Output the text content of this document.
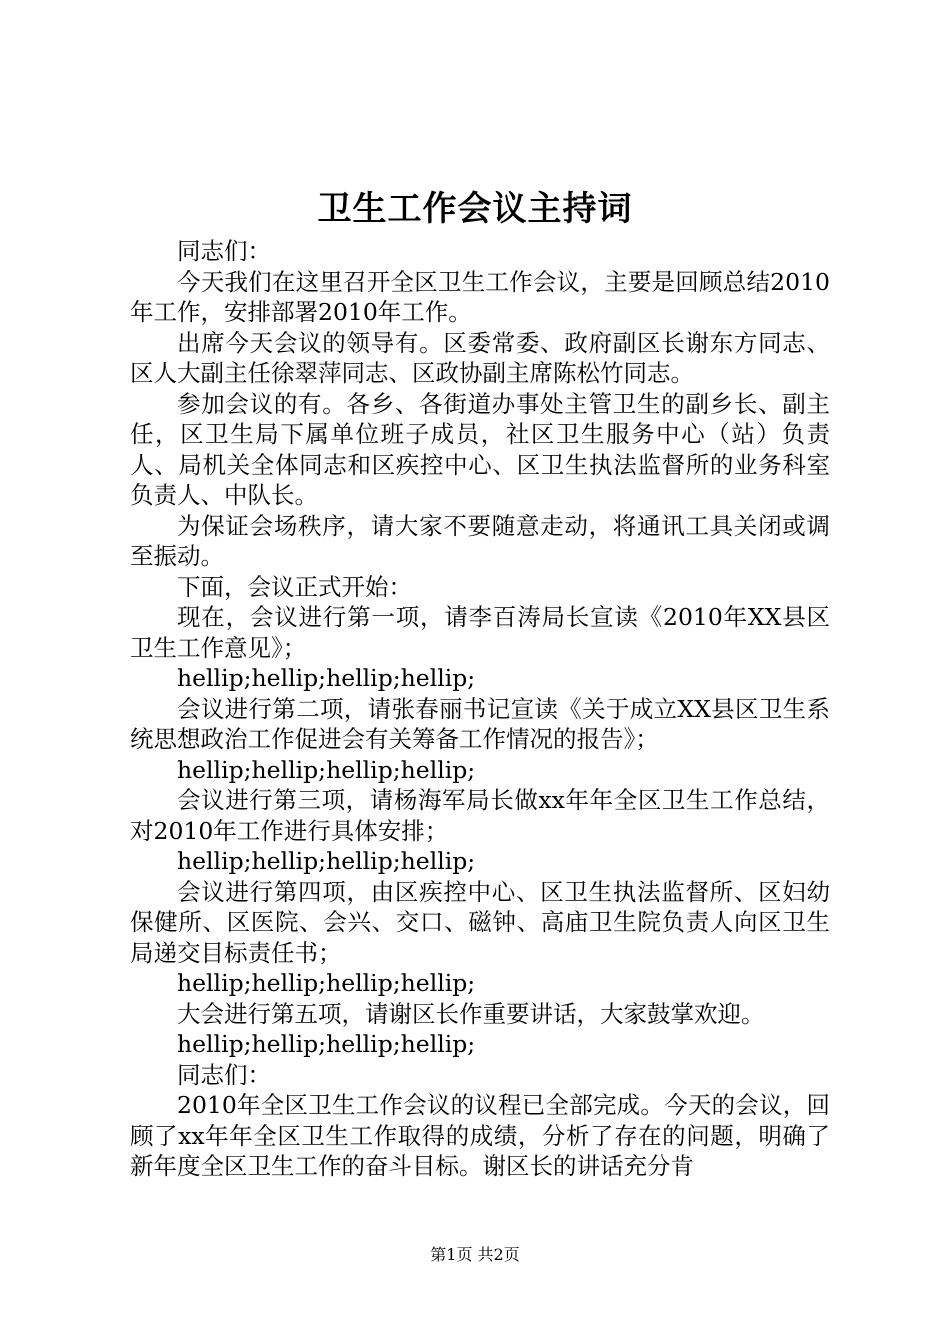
卫生工作会议主持词

同志们：

今天我们在这里召开全区卫生工作会议，主要是回顾总结2010年工作，安排部署2010年工作。

出席今天会议的领导有。区委常委、政府副区长谢东方同志、区人大副主任徐翠萍同志、区政协副主席陈松竹同志。

参加会议的有。各乡、各街道办事处主管卫生的副乡长、副主任，区卫生局下属单位班子成员，社区卫生服务中心（站）负责人、局机关全体同志和区疾控中心、区卫生执法监督所的业务科室负责人、中队长。

为保证会场秩序，请大家不要随意走动，将通讯工具关闭或调至振动。

下面，会议正式开始：

现在，会议进行第一项，请李百涛局长宣读《2010年XX县区卫生工作意见》；

hellip;hellip;hellip;hellip;

会议进行第二项，请张春丽书记宣读《关于成立XX县区卫生系统思想政治工作促进会有关筹备工作情况的报告》；

hellip;hellip;hellip;hellip;

会议进行第三项，请杨海军局长做xx年年全区卫生工作总结，对2010年工作进行具体安排；

hellip;hellip;hellip;hellip;

会议进行第四项，由区疾控中心、区卫生执法监督所、区妇幼保健所、区医院、会兴、交口、磁钟、高庙卫生院负责人向区卫生局递交目标责任书；

hellip;hellip;hellip;hellip;

大会进行第五项，请谢区长作重要讲话，大家鼓掌欢迎。

hellip;hellip;hellip;hellip;

同志们：

2010年全区卫生工作会议的议程已全部完成。今天的会议，回顾了xx年年全区卫生工作取得的成绩，分析了存在的问题，明确了新年度全区卫生工作的奋斗目标。谢区长的讲话充分肯

第1页 共2页
